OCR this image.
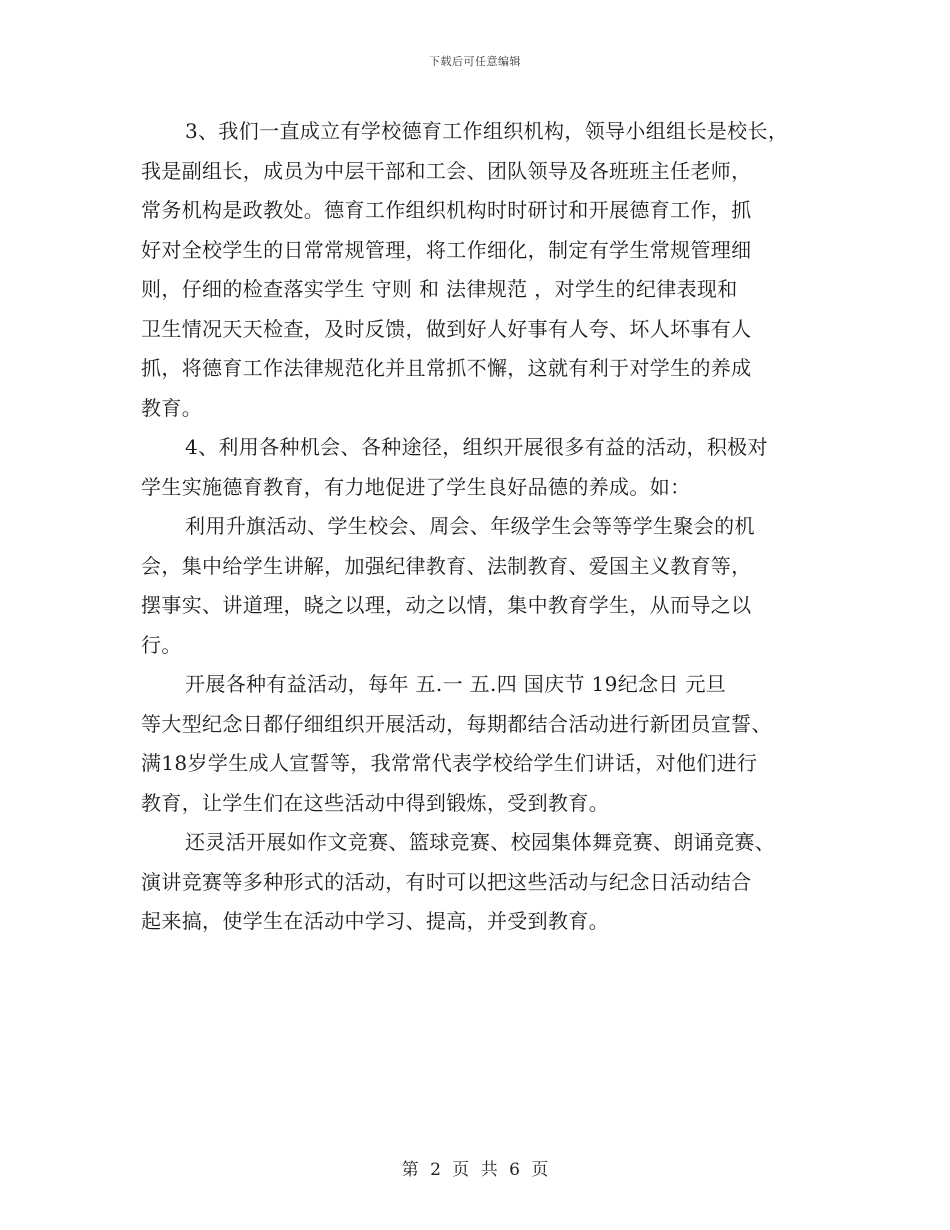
下载后可任意编辑
3、我们一直成立有学校德育工作组织机构，领导小组组长是校长，
我是副组长，成员为中层干部和工会、团队领导及各班班主任老师，
常务机构是政教处。德育工作组织机构时时研讨和开展德育工作，抓
好对全校学生的日常常规管理，将工作细化，制定有学生常规管理细
则，仔细的检查落实学生 守则 和 法律规范 ，对学生的纪律表现和
卫生情况天天检查，及时反馈，做到好人好事有人夸、坏人坏事有人
抓，将德育工作法律规范化并且常抓不懈，这就有利于对学生的养成
教育。
4、利用各种机会、各种途径，组织开展很多有益的活动，积极对
学生实施德育教育，有力地促进了学生良好品德的养成。如：
利用升旗活动、学生校会、周会、年级学生会等等学生聚会的机
会，集中给学生讲解，加强纪律教育、法制教育、爱国主义教育等，
摆事实、讲道理，晓之以理，动之以情，集中教育学生，从而导之以
行。
开展各种有益活动，每年 五.一 五.四 国庆节 19纪念日 元旦
等大型纪念日都仔细组织开展活动，每期都结合活动进行新团员宣誓、
满18岁学生成人宣誓等，我常常代表学校给学生们讲话，对他们进行
教育，让学生们在这些活动中得到锻炼，受到教育。
还灵活开展如作文竞赛、篮球竞赛、校园集体舞竞赛、朗诵竞赛、
演讲竞赛等多种形式的活动，有时可以把这些活动与纪念日活动结合
起来搞，使学生在活动中学习、提高，并受到教育。
第 2 页 共 6 页
